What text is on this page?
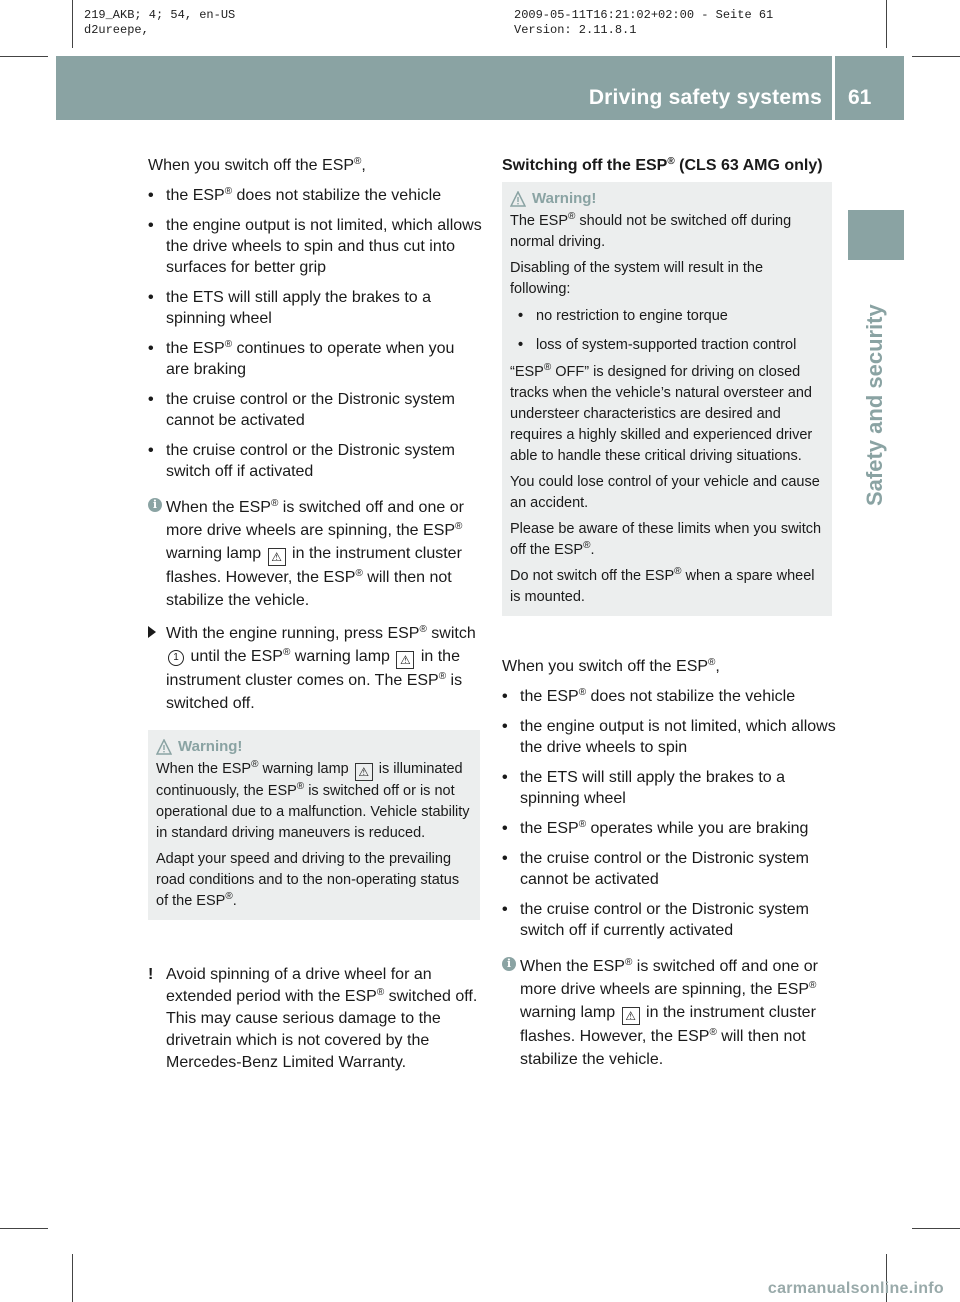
219_AKB; 4; 54, en-US
d2ureepe,
2009-05-11T16:21:02+02:00 - Seite 61
Version: 2.11.8.1
Driving safety systems 61
Safety and security

When you switch off the ESP®,

• the ESP® does not stabilize the vehicle

• the engine output is not limited, which allows the drive wheels to spin and thus cut into surfaces for better grip

• the ETS will still apply the brakes to a spinning wheel

• the ESP® continues to operate when you are braking

• the cruise control or the Distronic system cannot be activated

• the cruise control or the Distronic system switch off if activated

i When the ESP® is switched off and one or more drive wheels are spinning, the ESP® warning lamp ⚠ in the instrument cluster flashes. However, the ESP® will then not stabilize the vehicle.

With the engine running, press ESP® switch 1 until the ESP® warning lamp ⚠ in the instrument cluster comes on. The ESP® is switched off.

Warning!

When the ESP® warning lamp ⚠ is illuminated continuously, the ESP® is switched off or is not operational due to a malfunction. Vehicle stability in standard driving maneuvers is reduced.

Adapt your speed and driving to the prevailing road conditions and to the non-operating status of the ESP®.

! Avoid spinning of a drive wheel for an extended period with the ESP® switched off. This may cause serious damage to the drivetrain which is not covered by the Mercedes-Benz Limited Warranty.

Switching off the ESP® (CLS 63 AMG only)
Warning!

The ESP® should not be switched off during normal driving.

Disabling of the system will result in the following:

• no restriction to engine torque

• loss of system-supported traction control

“ESP® OFF” is designed for driving on closed tracks when the vehicle’s natural oversteer and understeer characteristics are desired and requires a highly skilled and experienced driver able to handle these critical driving situations.

You could lose control of your vehicle and cause an accident.

Please be aware of these limits when you switch off the ESP®.

Do not switch off the ESP® when a spare wheel is mounted.

When you switch off the ESP®,

• the ESP® does not stabilize the vehicle

• the engine output is not limited, which allows the drive wheels to spin

• the ETS will still apply the brakes to a spinning wheel

• the ESP® operates while you are braking

• the cruise control or the Distronic system cannot be activated

• the cruise control or the Distronic system switch off if currently activated

i When the ESP® is switched off and one or more drive wheels are spinning, the ESP® warning lamp ⚠ in the instrument cluster flashes. However, the ESP® will then not stabilize the vehicle.

carmanualsonline.info
